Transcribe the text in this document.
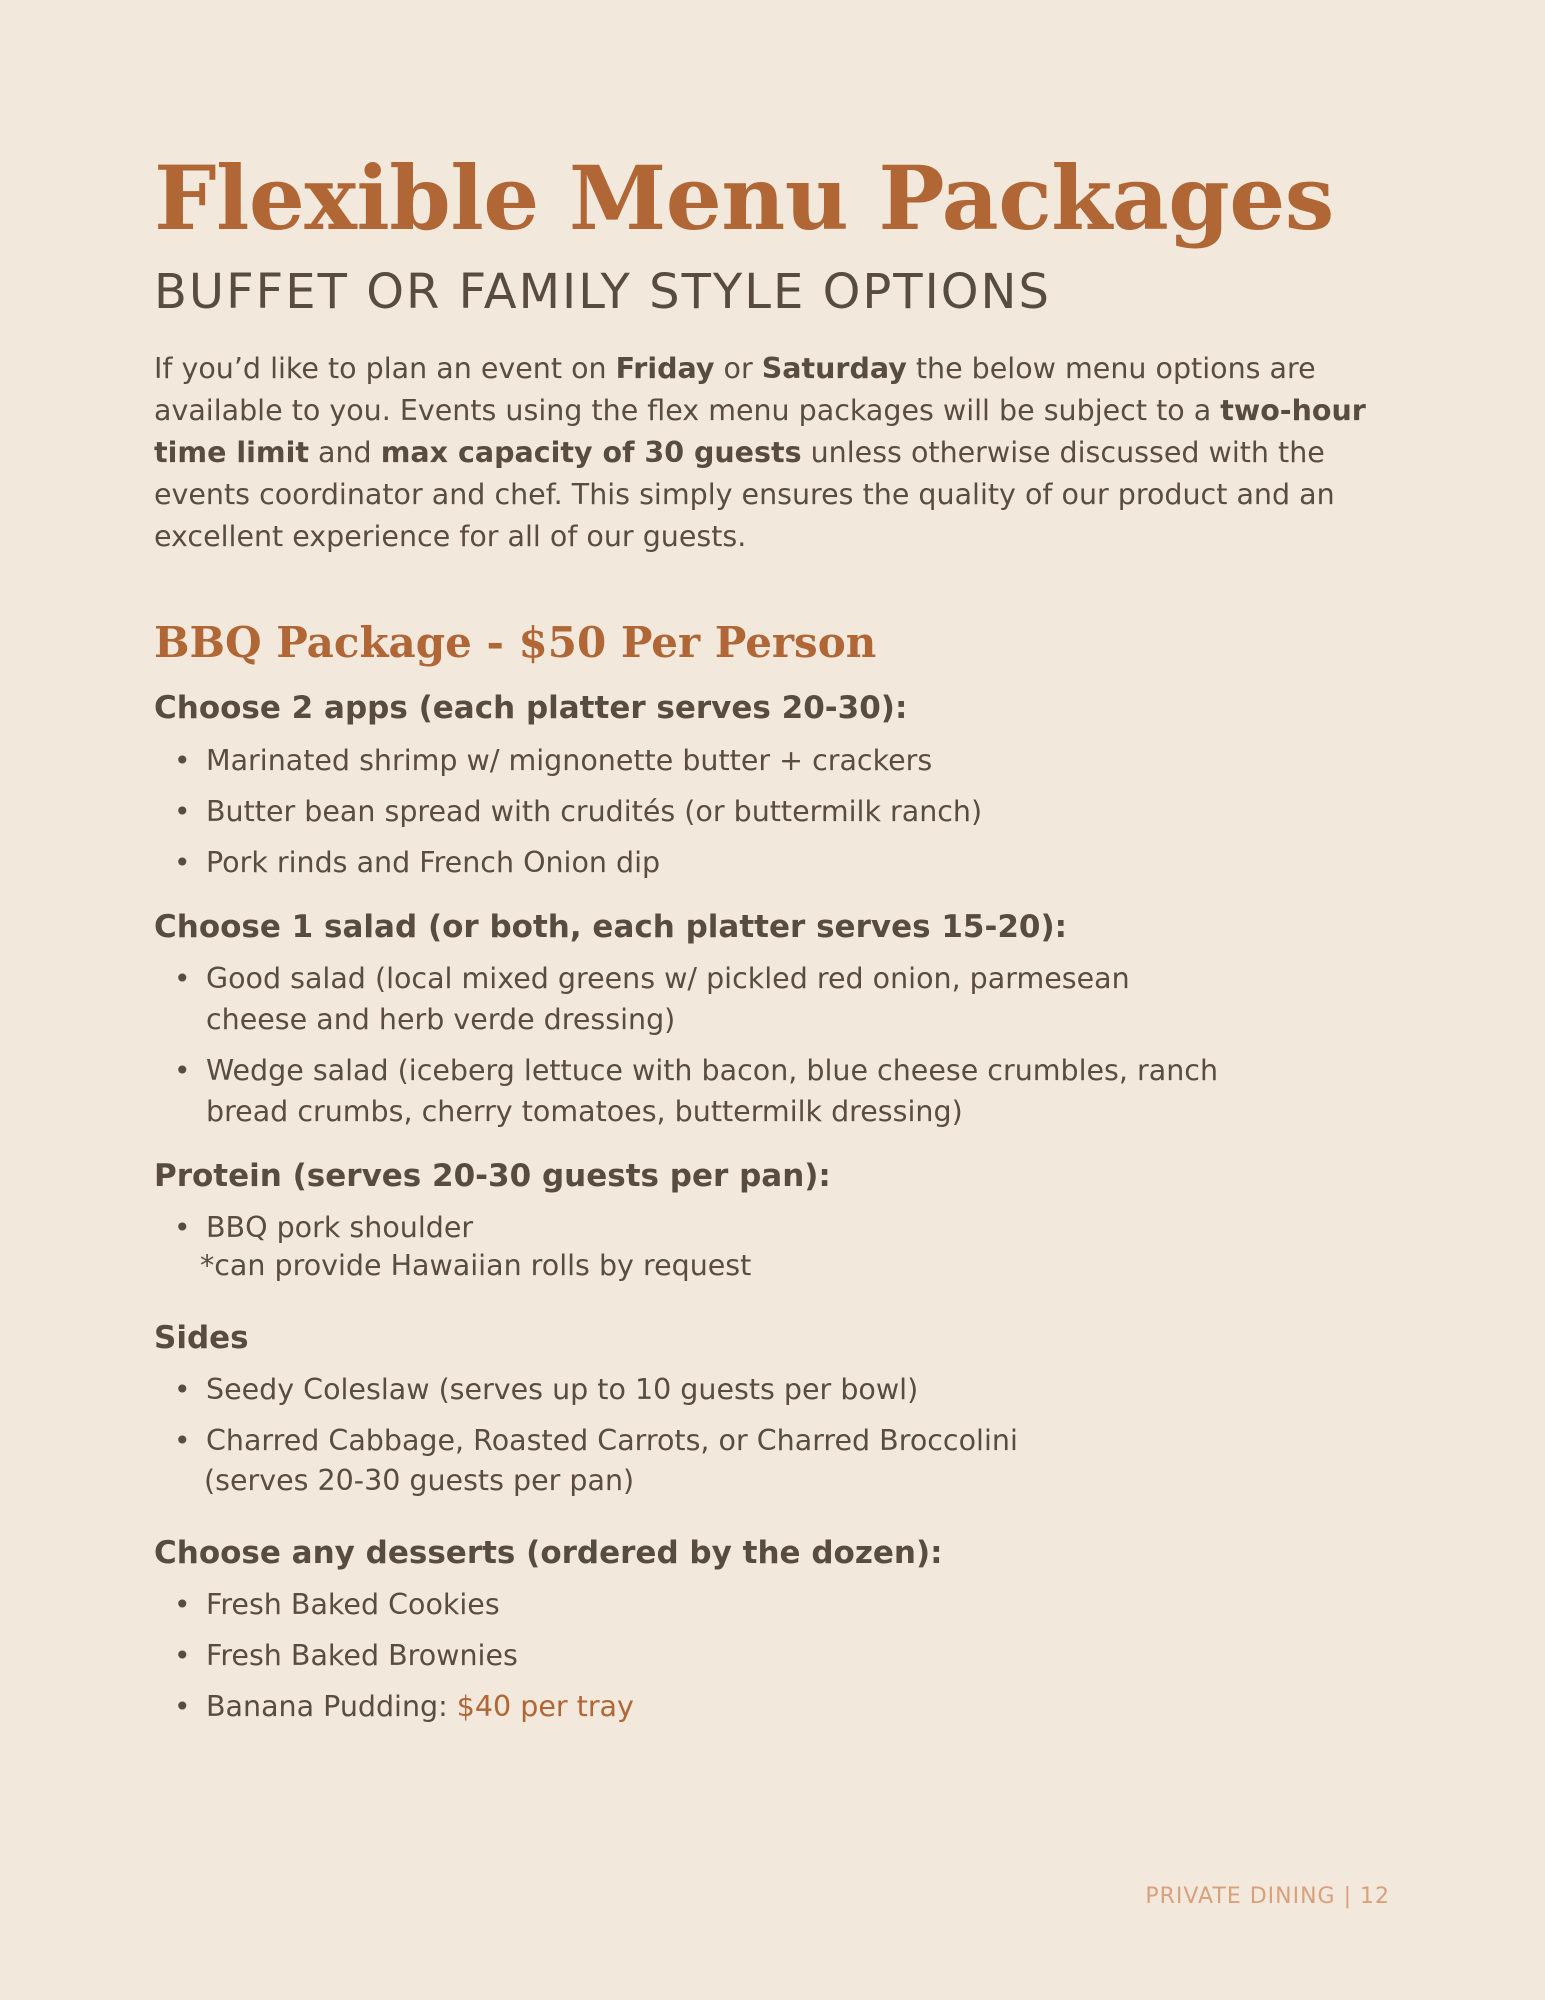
Flexible Menu Packages
BUFFET OR FAMILY STYLE OPTIONS

If you’d like to plan an event on Friday or Saturday the below menu options are available to you. Events using the flex menu packages will be subject to a two-hour time limit and max capacity of 30 guests unless otherwise discussed with the events coordinator and chef. This simply ensures the quality of our product and an excellent experience for all of our guests.

BBQ Package - $50 Per Person
Choose 2 apps (each platter serves 20-30):
• Marinated shrimp w/ mignonette butter + crackers
• Butter bean spread with crudités (or buttermilk ranch)
• Pork rinds and French Onion dip
Choose 1 salad (or both, each platter serves 15-20):
• Good salad (local mixed greens w/ pickled red onion, parmesean cheese and herb verde dressing)
• Wedge salad (iceberg lettuce with bacon, blue cheese crumbles, ranch bread crumbs, cherry tomatoes, buttermilk dressing)
Protein (serves 20-30 guests per pan):
• BBQ pork shoulder
*can provide Hawaiian rolls by request
Sides
• Seedy Coleslaw (serves up to 10 guests per bowl)
• Charred Cabbage, Roasted Carrots, or Charred Broccolini
(serves 20-30 guests per pan)
Choose any desserts (ordered by the dozen):
• Fresh Baked Cookies
• Fresh Baked Brownies
• Banana Pudding: $40 per tray
PRIVATE DINING | 12
